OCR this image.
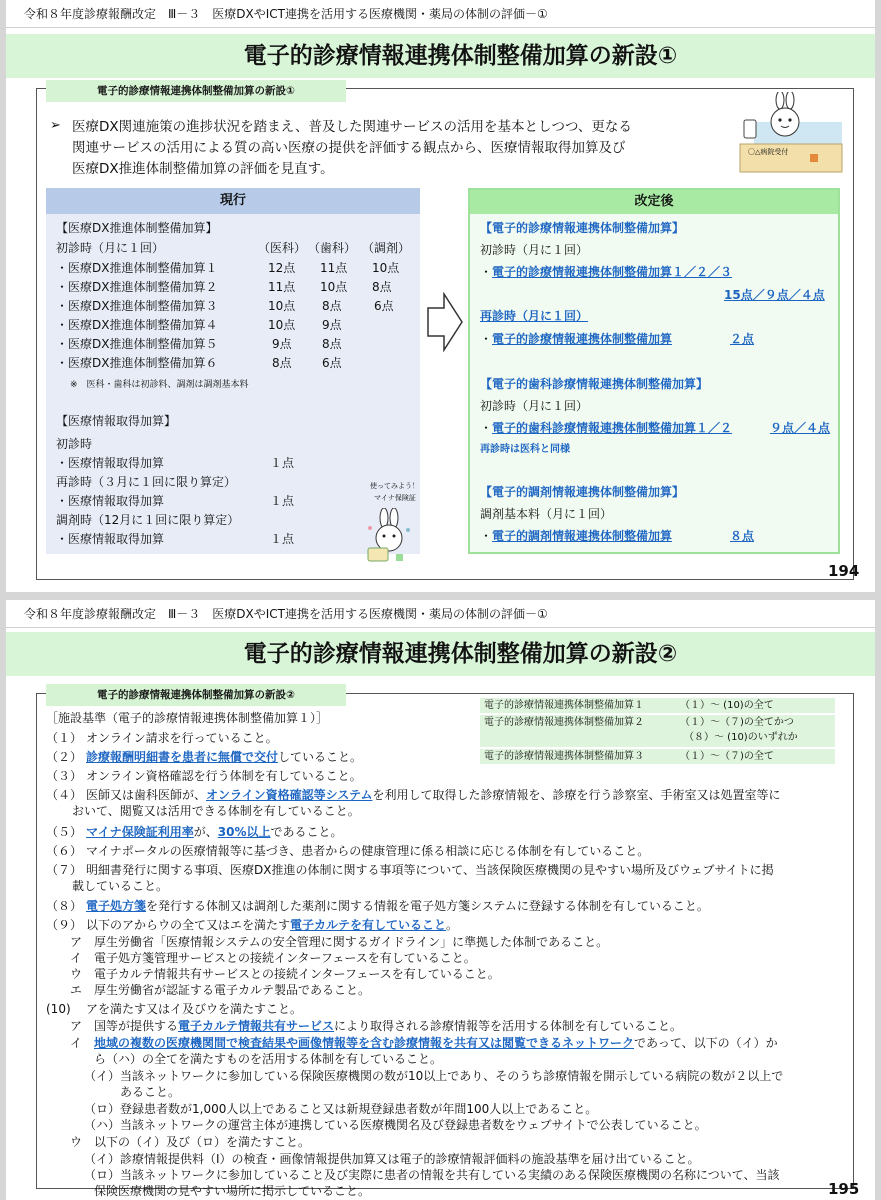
令和８年度診療報酬改定　Ⅲ－３　医療DXやICT連携を活用する医療機関・薬局の体制の評価－①
電子的診療情報連携体制整備加算の新設①
電子的診療情報連携体制整備加算の新設①
➢ 医療DX関連施策の進捗状況を踏まえ、普及した関連サービスの活用を基本としつつ、更なる
関連サービスの活用による質の高い医療の提供を評価する観点から、医療情報取得加算及び
医療DX推進体制整備加算の評価を見直す。
〇△病院受付
現行
【医療DX推進体制整備加算】
初診時（月に１回）	（医科） （歯科） （調剤）
・医療DX推進体制整備加算１	12点 11点 10点
・医療DX推進体制整備加算２	11点 10点 8点
・医療DX推進体制整備加算３	10点 8点	6点
・医療DX推進体制整備加算４	10点 9点
・医療DX推進体制整備加算５	9点	8点
・医療DX推進体制整備加算６	8点	6点
※　医科・歯科は初診料、調剤は調剤基本料
【医療情報取得加算】
初診時
・医療情報取得加算	１点
再診時（３月に１回に限り算定）
・医療情報取得加算	１点
調剤時（12月に１回に限り算定）
・医療情報取得加算	１点
使ってみよう！
マイナ保険証
改定後
【電子的診療情報連携体制整備加算】
初診時（月に１回）
・ 電子的診療情報連携体制整備加算１／２／３
15点／９点／４点
再診時（月に１回）
・ 電子的診療情報連携体制整備加算	２点
【電子的歯科診療情報連携体制整備加算】
初診時（月に１回）
・ 電子的歯科診療情報連携体制整備加算１／２	９点／４点
再診時は医科と同様
【電子的調剤情報連携体制整備加算】
調剤基本料（月に１回）
・ 電子的調剤情報連携体制整備加算	８点
194
令和８年度診療報酬改定　Ⅲ－３　医療DXやICT連携を活用する医療機関・薬局の体制の評価－①
電子的診療情報連携体制整備加算の新設②
電子的診療情報連携体制整備加算の新設②
［施設基準（電子的診療情報連携体制整備加算１）］
電子的診療情報連携体制整備加算１	（１）～ (10)の全て
電子的診療情報連携体制整備加算２	（１）～（７)の全てかつ
（８）～ (10)のいずれか
電子的診療情報連携体制整備加算３	（１）～（７)の全て
（１） オンライン請求を行っていること。
（２） 診療報酬明細書を患者に無償で交付していること。
（３） オンライン資格確認を行う体制を有していること。
（４） 医師又は歯科医師が、オンライン資格確認等システムを利用して取得した診療情報を、診療を行う診察室、手術室又は処置室等に
おいて、閲覧又は活用できる体制を有していること。
（５） マイナ保険証利用率が、30%以上であること。
（６） マイナポータルの医療情報等に基づき、患者からの健康管理に係る相談に応じる体制を有していること。
（７） 明細書発行に関する事項、医療DX推進の体制に関する事項等について、当該保険医療機関の見やすい場所及びウェブサイトに掲
載していること。
（８） 電子処方箋を発行する体制又は調剤した薬剤に関する情報を電子処方箋システムに登録する体制を有していること。
（９） 以下のアからウの全て又はエを満たす電子カルテを有していること。
ア 厚生労働省「医療情報システムの安全管理に関するガイドライン」に準拠した体制であること。
イ 電子処方箋管理サービスとの接続インターフェースを有していること。
ウ 電子カルテ情報共有サービスとの接続インターフェースを有していること。
エ 厚生労働省が認証する電子カルテ製品であること。
(10) アを満たす又はイ及びウを満たすこと。
ア 国等が提供する電子カルテ情報共有サービスにより取得される診療情報等を活用する体制を有していること。
イ 地域の複数の医療機関間で検査結果や画像情報等を含む診療情報を共有又は閲覧できるネットワークであって、以下の（イ）か
ら（ハ）の全てを満たすものを活用する体制を有していること。
（イ） 当該ネットワークに参加している保険医療機関の数が10以上であり、そのうち診療情報を開示している病院の数が２以上で
あること。
（ロ） 登録患者数が1,000人以上であること又は新規登録患者数が年間100人以上であること。
（ハ） 当該ネットワークの運営主体が連携している医療機関名及び登録患者数をウェブサイトで公表していること。
ウ 以下の（イ）及び（ロ）を満たすこと。
（イ） 診療情報提供料（Ⅰ）の検査・画像情報提供加算又は電子的診療情報評価料の施設基準を届け出ていること。
（ロ） 当該ネットワークに参加していること及び実際に患者の情報を共有している実績のある保険医療機関の名称について、当該
保険医療機関の見やすい場所に掲示していること。	195
